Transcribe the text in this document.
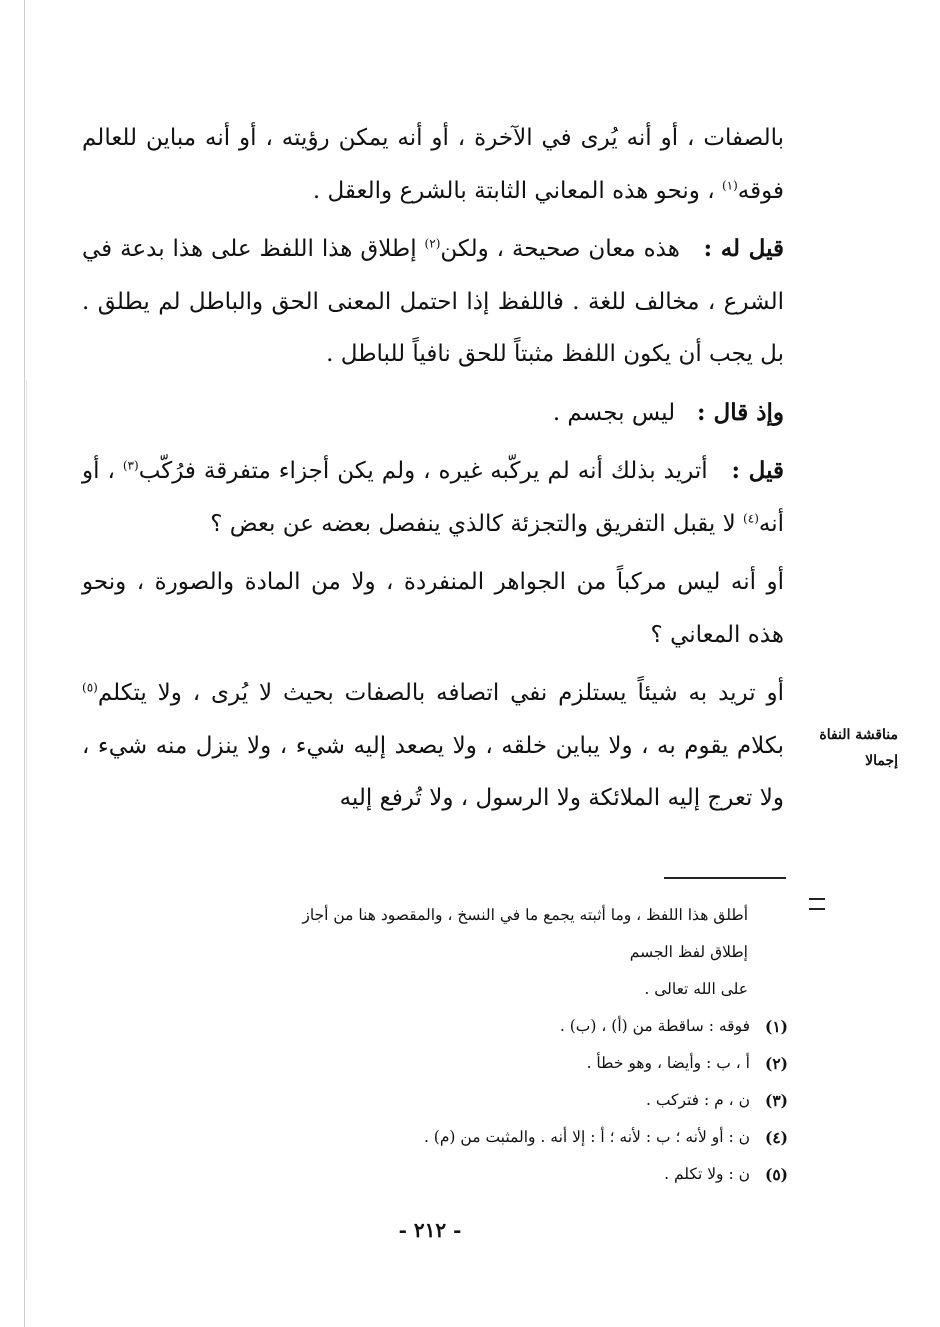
بالصفات ، أو أنه يُرى في الآخرة ، أو أنه يمكن رؤيته ، أو أنه مباين للعالم فوقه$^{(١)}$ ، ونحو هذه المعاني الثابتة بالشرع والعقل .

قيل له :   هذه معان صحيحة ، ولكن$^{(٢)}$ إطلاق هذا اللفظ على هذا بدعة في الشرع ، مخالف للغة . فاللفظ إذا احتمل المعنى الحق والباطل لم يطلق . بل يجب أن يكون اللفظ مثبتاً للحق نافياً للباطل .

وإذ قال :   ليس بجسم .

قيل :   أتريد بذلك أنه لم يركّبه غيره ، ولم يكن أجزاء متفرقة فرُكّب$^{(٣)}$ ، أو أنه$^{(٤)}$ لا يقبل التفريق والتجزئة كالذي ينفصل بعضه عن بعض ؟

أو أنه ليس مركباً من الجواهر المنفردة ، ولا من المادة والصورة ، ونحو هذه المعاني ؟

أو تريد به شيئاً يستلزم نفي اتصافه بالصفات بحيث لا يُرى ، ولا يتكلم$^{(٥)}$ بكلام يقوم به ، ولا يباين خلقه ، ولا يصعد إليه شيء ، ولا ينزل منه شيء ، ولا تعرج إليه الملائكة ولا الرسول ، ولا تُرفع إليه

مناقشة النفاة
إجمالا

أطلق هذا اللفظ ، وما أثبته يجمع ما في النسخ ، والمقصود هنا من أجاز إطلاق لفظ الجسم

على الله تعالى .

(١)
فوقه : ساقطة من (أ) ، (ب) .

(٢)
أ ، ب : وأيضا ، وهو خطأ .

(٣)
ن ، م : فتركب .

(٤)
ن : أو لأنه ؛ ب : لأنه ؛ أ : إلا أنه . والمثبت من (م) .

(٥)
ن : ولا تكلم .

- ٢١٢ -
